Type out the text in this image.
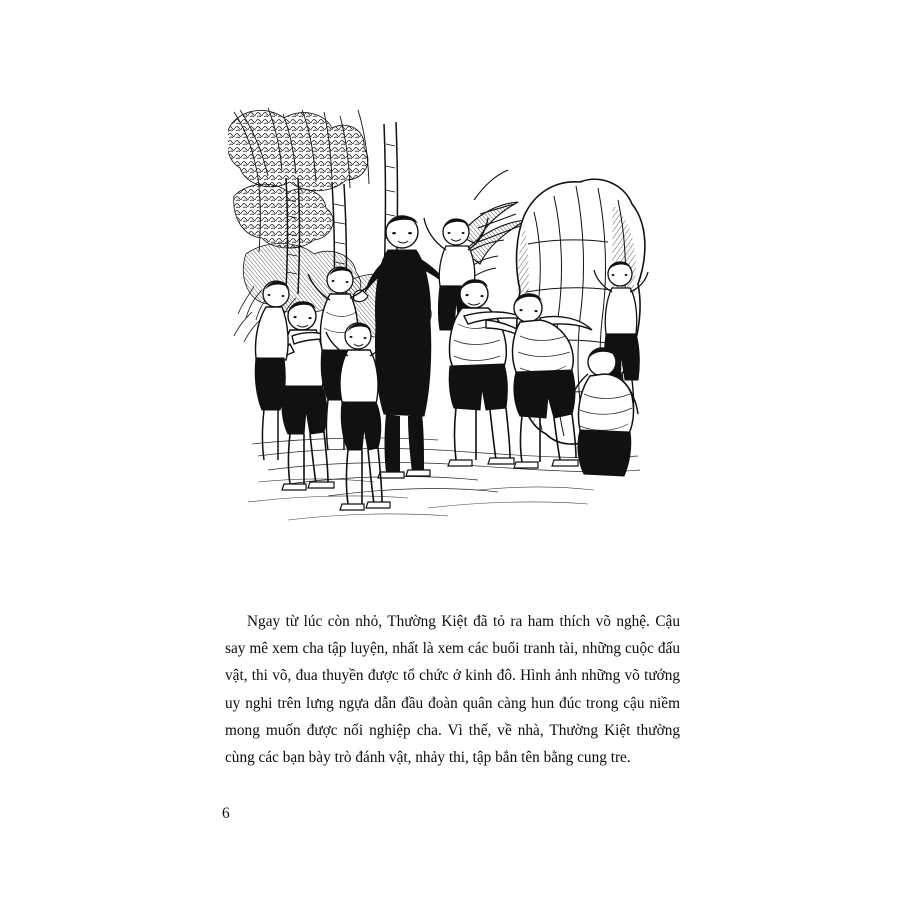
Ngay từ lúc còn nhỏ, Thường Kiệt đã tỏ ra ham thích võ nghệ. Cậu say mê xem cha tập luyện, nhất là xem các buổi tranh tài, những cuộc đấu vật, thi võ, đua thuyền được tổ chức ở kinh đô. Hình ảnh những võ tướng uy nghi trên lưng ngựa dẫn đầu đoàn quân càng hun đúc trong cậu niềm mong muốn được nối nghiệp cha. Vì thế, về nhà, Thường Kiệt thường cùng các bạn bày trò đánh vật, nhảy thi, tập bắn tên bằng cung tre.

6
